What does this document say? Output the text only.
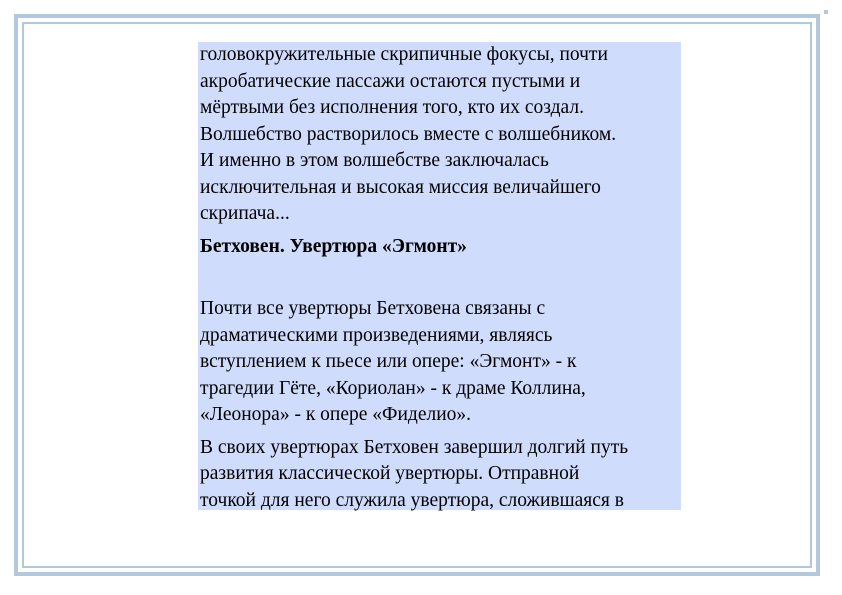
головокружительные скрипичные фокусы, почти
акробатические пассажи остаются пустыми и
мёртвыми без исполнения того, кто их создал.
Волшебство растворилось вместе с волшебником.
И именно в этом волшебстве заключалась
исключительная и высокая миссия величайшего
скрипача...

Бетховен. Увертюра «Эгмонт»

Почти все увертюры Бетховена связаны с
драматическими произведениями, являясь
вступлением к пьесе или опере: «Эгмонт» - к
трагедии Гёте, «Кориолан» - к драме Коллина,
«Леонора» - к опере «Фиделио».

В своих увертюрах Бетховен завершил долгий путь
развития классической увертюры. Отправной
точкой для него служила увертюра, сложившаяся в
